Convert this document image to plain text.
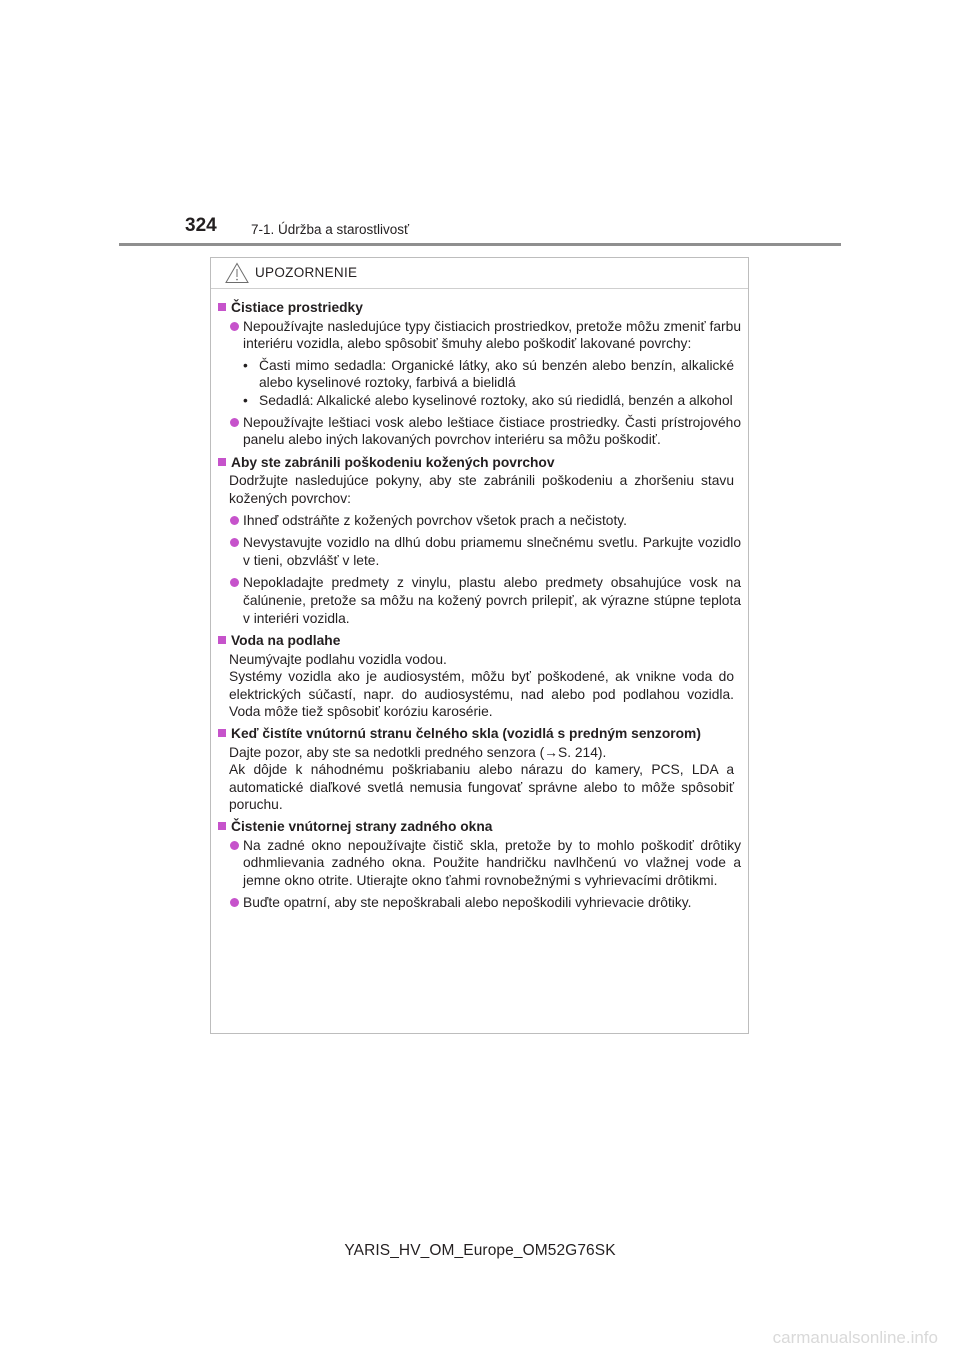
324	7-1. Údržba a starostlivosť
UPOZORNENIE
Čistiace prostriedky
Nepoužívajte nasledujúce typy čistiacich prostriedkov, pretože môžu zmeniť farbu interiéru vozidla, alebo spôsobiť šmuhy alebo poškodiť lakované povrchy:
• Časti mimo sedadla: Organické látky, ako sú benzén alebo benzín, alkalické alebo kyselinové roztoky, farbivá a bielidlá
• Sedadlá: Alkalické alebo kyselinové roztoky, ako sú riedidlá, benzén a alkohol
Nepoužívajte leštiaci vosk alebo leštiace čistiace prostriedky. Časti prístrojového panelu alebo iných lakovaných povrchov interiéru sa môžu poškodiť.
Aby ste zabránili poškodeniu kožených povrchov

Dodržujte nasledujúce pokyny, aby ste zabránili poškodeniu a zhoršeniu stavu kožených povrchov:

Ihneď odstráňte z kožených povrchov všetok prach a nečistoty.
Nevystavujte vozidlo na dlhú dobu priamemu slnečnému svetlu. Parkujte vozidlo v tieni, obzvlášť v lete.
Nepokladajte predmety z vinylu, plastu alebo predmety obsahujúce vosk na čalúnenie, pretože sa môžu na kožený povrch prilepiť, ak výrazne stúpne teplota v interiéri vozidla.
Voda na podlahe

Neumývajte podlahu vozidla vodou.

Systémy vozidla ako je audiosystém, môžu byť poškodené, ak vnikne voda do elektrických súčastí, napr. do audiosystému, nad alebo pod podlahou vozidla. Voda môže tiež spôsobiť koróziu karosérie.

Keď čistíte vnútornú stranu čelného skla (vozidlá s predným senzorom)

Dajte pozor, aby ste sa nedotkli predného senzora (→S. 214).

Ak dôjde k náhodnému poškriabaniu alebo nárazu do kamery, PCS, LDA a automatické diaľkové svetlá nemusia fungovať správne alebo to môže spôsobiť poruchu.

Čistenie vnútornej strany zadného okna
Na zadné okno nepoužívajte čistič skla, pretože by to mohlo poškodiť drôtiky odhmlievania zadného okna. Použite handričku navlhčenú vo vlažnej vode a jemne okno otrite. Utierajte okno ťahmi rovnobežnými s vyhrievacími drôtikmi.
Buďte opatrní, aby ste nepoškrabali alebo nepoškodili vyhrievacie drôtiky.
YARIS_HV_OM_Europe_OM52G76SK
carmanualsonline.info
